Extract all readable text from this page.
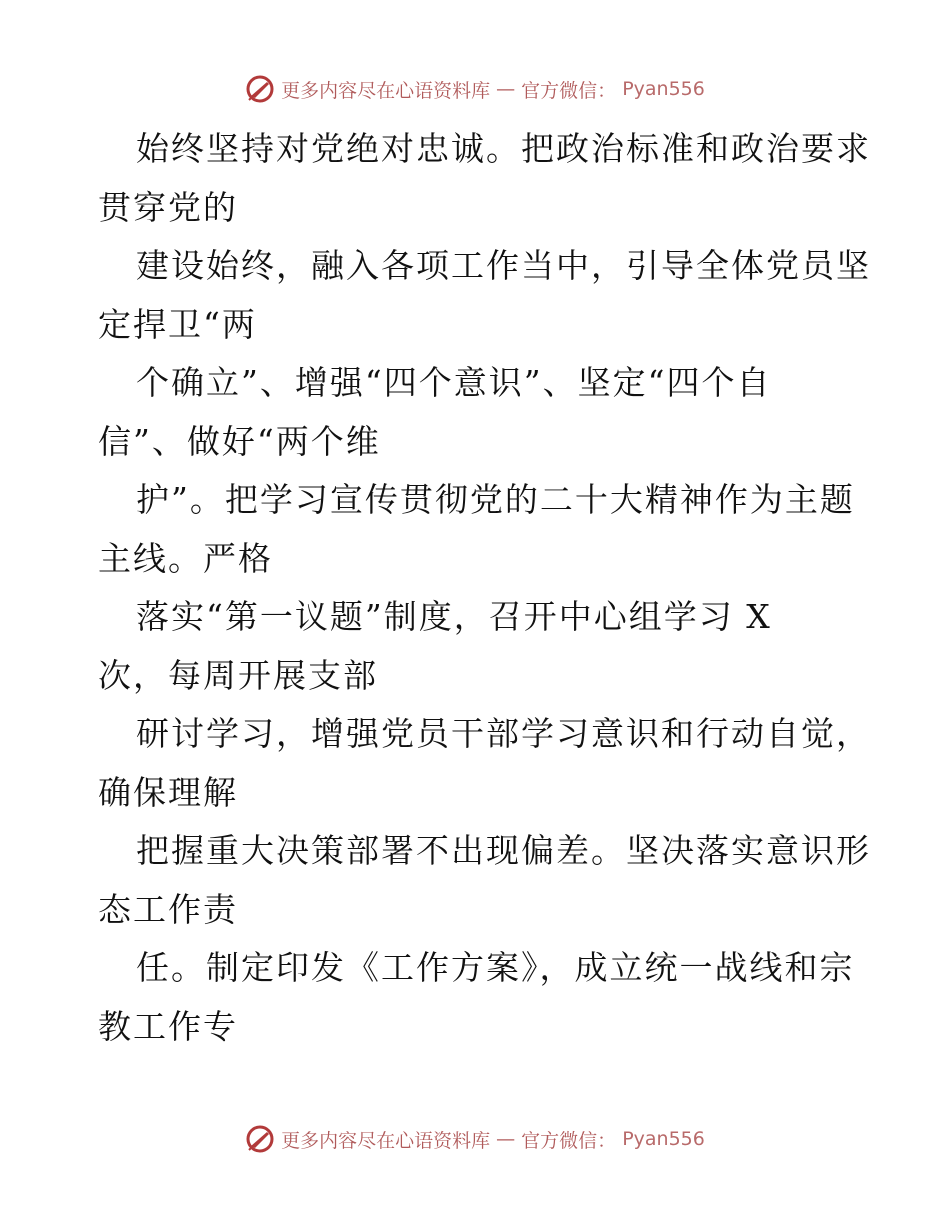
更多内容尽在心语资料库 — 官方微信： Pyan556
始终坚持对党绝对忠诚。把政治标准和政治要求
贯穿党的
建设始终，融入各项工作当中，引导全体党员坚
定捍卫“两
个确立”、增强“四个意识”、坚定“四个自
信”、做好“两个维
护”。把学习宣传贯彻党的二十大精神作为主题
主线。严格
落实“第一议题”制度，召开中心组学习 X
次，每周开展支部
研讨学习，增强党员干部学习意识和行动自觉，
确保理解
把握重大决策部署不出现偏差。坚决落实意识形
态工作责
任。制定印发《工作方案》，成立统一战线和宗
教工作专
更多内容尽在心语资料库 — 官方微信： Pyan556
